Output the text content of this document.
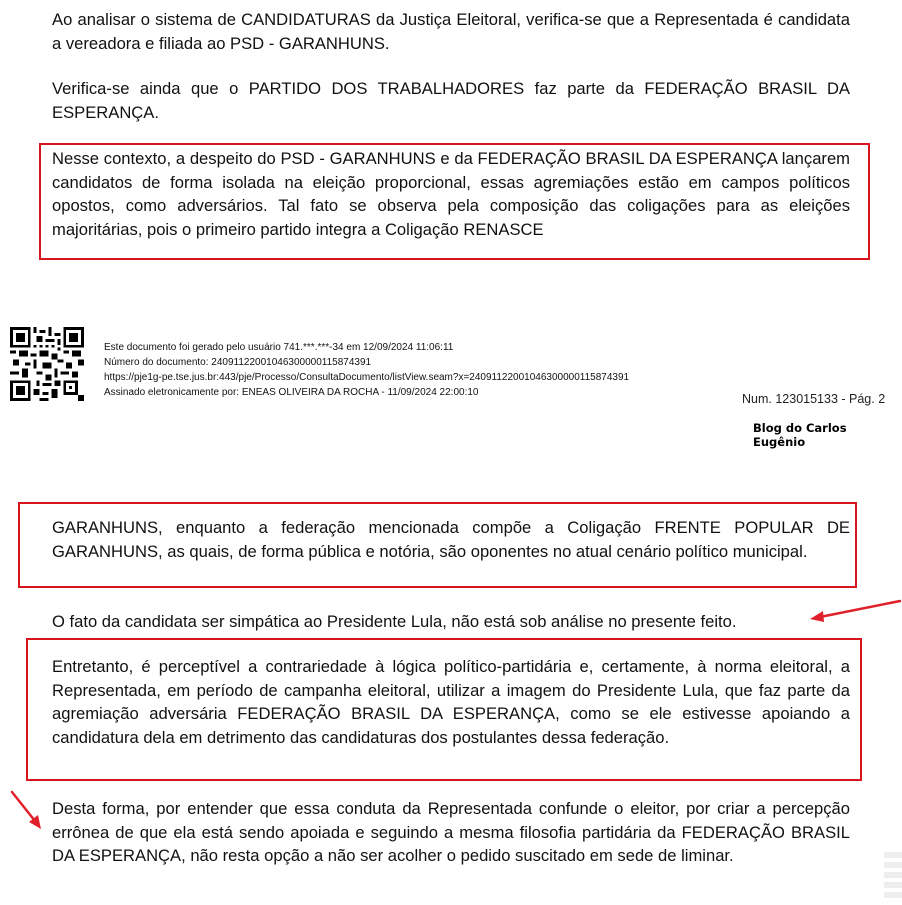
Ao analisar o sistema de CANDIDATURAS da Justiça Eleitoral, verifica-se que a Representada é candidata a vereadora e filiada ao PSD - GARANHUNS.

Verifica-se ainda que o PARTIDO DOS TRABALHADORES faz parte da FEDERAÇÃO BRASIL DA ESPERANÇA.

Nesse contexto, a despeito do PSD - GARANHUNS e da FEDERAÇÃO BRASIL DA ESPERANÇA lançarem candidatos de forma isolada na eleição proporcional, essas agremiações estão em campos políticos opostos, como adversários. Tal fato se observa pela composição das coligações para as eleições majoritárias, pois o primeiro partido integra a Coligação RENASCE

Este documento foi gerado pelo usuário 741.***.***-34 em 12/09/2024 11:06:11
Número do documento: 24091122001046300000115874391
https://pje1g-pe.tse.jus.br:443/pje/Processo/ConsultaDocumento/listView.seam?x=24091122001046300000115874391
Assinado eletronicamente por: ENEAS OLIVEIRA DA ROCHA - 11/09/2024 22:00:10	Num. 123015133 - Pág. 2
Blog do Carlos Eugênio

GARANHUNS, enquanto a federação mencionada compõe a Coligação FRENTE POPULAR DE GARANHUNS, as quais, de forma pública e notória, são oponentes no atual cenário político municipal.

O fato da candidata ser simpática ao Presidente Lula, não está sob análise no presente feito.

Entretanto, é perceptível a contrariedade à lógica político-partidária e, certamente, à norma eleitoral, a Representada, em período de campanha eleitoral, utilizar a imagem do Presidente Lula, que faz parte da agremiação adversária FEDERAÇÃO BRASIL DA ESPERANÇA, como se ele estivesse apoiando a candidatura dela em detrimento das candidaturas dos postulantes dessa federação.

Desta forma, por entender que essa conduta da Representada confunde o eleitor, por criar a percepção errônea de que ela está sendo apoiada e seguindo a mesma filosofia partidária da FEDERAÇÃO BRASIL DA ESPERANÇA, não resta opção a não ser acolher o pedido suscitado em sede de liminar.
